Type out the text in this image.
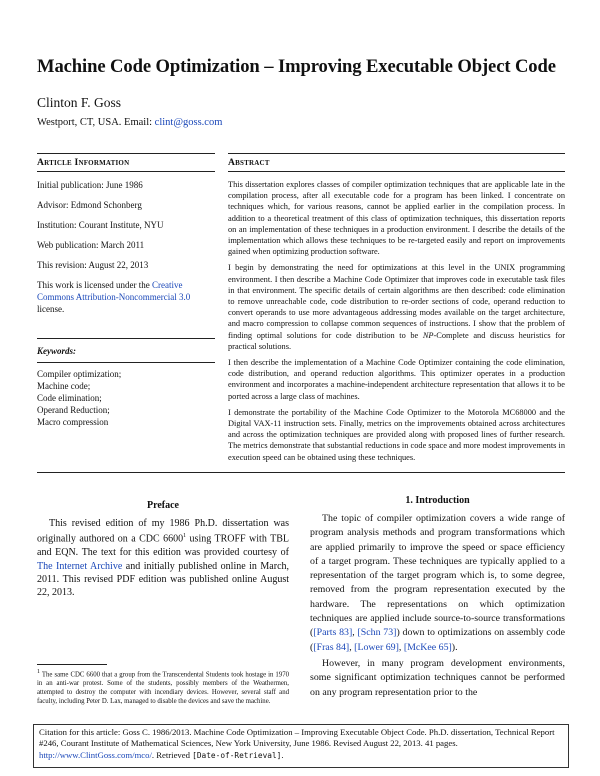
Machine Code Optimization – Improving Executable Object Code
Clinton F. Goss
Westport, CT, USA. Email: clint@goss.com
Article Information	Abstract
Initial publication: June 1986
Advisor: Edmond Schonberg
Institution: Courant Institute, NYU
Web publication: March 2011
This revision: August 22, 2013
This work is licensed under the Creative Commons Attribution-Noncommercial 3.0 license.
Keywords:
Compiler optimization;
Machine code;
Code elimination;
Operand Reduction;
Macro compression

This dissertation explores classes of compiler optimization techniques that are applicable late in the compilation process, after all executable code for a program has been linked. I concentrate on techniques which, for various reasons, cannot be applied earlier in the compilation process. In addition to a theoretical treatment of this class of optimization techniques, this dissertation reports on an implementation of these techniques in a production environment. I describe the details of the implementation which allows these techniques to be re-targeted easily and report on improvements gained when optimizing production software.

I begin by demonstrating the need for optimizations at this level in the UNIX programming environment. I then describe a Machine Code Optimizer that improves code in executable task files in that environment. The specific details of certain algorithms are then described: code elimination to remove unreachable code, code distribution to re-order sections of code, operand reduction to convert operands to use more advantageous addressing modes available on the target architecture, and macro compression to collapse common sequences of instructions. I show that the problem of finding optimal solutions for code distribution to be NP-Complete and discuss heuristics for practical solutions.

I then describe the implementation of a Machine Code Optimizer containing the code elimination, code distribution, and operand reduction algorithms. This optimizer operates in a production environment and incorporates a machine-independent architecture representation that allows it to be ported across a large class of machines.

I demonstrate the portability of the Machine Code Optimizer to the Motorola MC68000 and the Digital VAX-11 instruction sets. Finally, metrics on the improvements obtained across architectures and across the optimization techniques are provided along with proposed lines of further research. The metrics demonstrate that substantial reductions in code space and more modest improvements in execution speed can be obtained using these techniques.

Preface
This revised edition of my 1986 Ph.D. dissertation was originally authored on a CDC 6600$^1$ using TROFF with TBL and EQN. The text for this edition was provided courtesy of The Internet Archive and initially published online in March, 2011. This revised PDF edition was published online August 22, 2013.
$^1$ The same CDC 6600 that a group from the Transcendental Students took hostage in 1970 in an anti-war protest. Some of the students, possibly members of the Weathermen, attempted to destroy the computer with incendiary devices. However, several staff and faculty, including Peter D. Lax, managed to disable the devices and save the machine.
1. Introduction

The topic of compiler optimization covers a wide range of program analysis methods and program transformations which are applied primarily to improve the speed or space efficiency of a target program. These techniques are typically applied to a representation of the target program which is, to some degree, removed from the program representation executed by the hardware. The representations on which optimization techniques are applied include source-to-source transformations ([Parts 83], [Schn 73]) down to optimizations on assembly code ([Fras 84], [Lower 69], [McKee 65]).

However, in many program development environments, some significant optimization techniques cannot be performed on any program representation prior to the

Citation for this article: Goss C. 1986/2013. Machine Code Optimization – Improving Executable Object Code. Ph.D. dissertation, Technical Report #246, Courant Institute of Mathematical Sciences, New York University, June 1986. Revised August 22, 2013. 41 pages. http://www.ClintGoss.com/mco/. Retrieved [Date-of-Retrieval].
